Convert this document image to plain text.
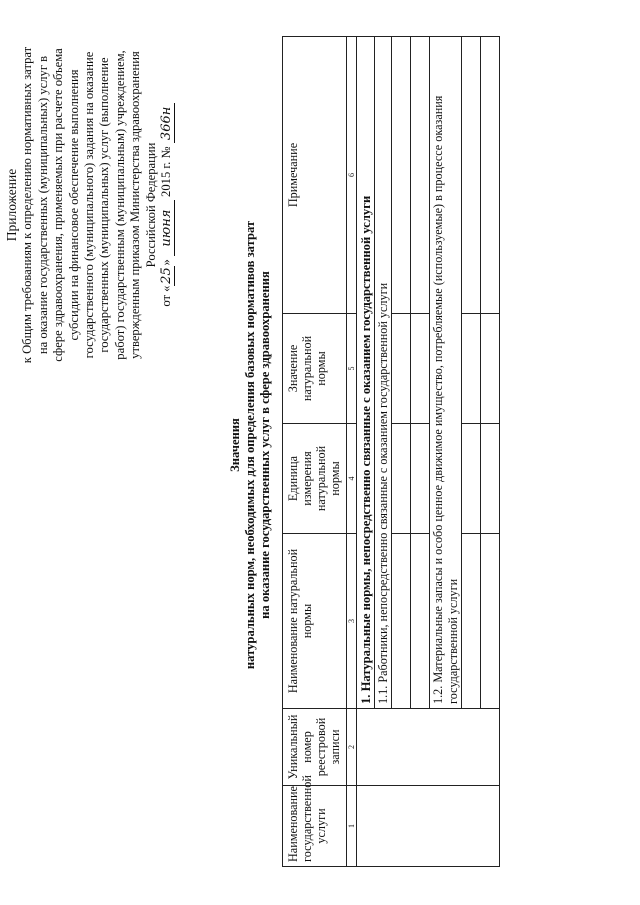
Приложение к Общим требованиям к определению нормативных затрат на оказание государственных (муниципальных) услуг в сфере здравоохранения, применяемых при расчете объема субсидии на финансовое обеспечение выполнения государственного (муниципального) задания на оказание государственных (муниципальных) услуг (выполнение работ) государственным (муниципальным) учреждением, утвержденным приказом Министерства здравоохранения Российской Федерации
от «25» июня 2015 г. № 366н
Значения натуральных норм, необходимых для определения базовых нормативов затрат на оказание государственных услуг в сфере здравоохранения
Наименование государственной услуги	Уникальный номер реестровой записи	Наименование натуральной нормы	Единица измерения натуральной нормы	Значение натуральной нормы	Примечание
1	2	3	4	5	6
		1. Натуральные нормы, непосредственно связанные с оказанием государственной услуги			
		1.1. Работники, непосредственно связанные с оказанием государственной услуги			

		1.2. Материальные запасы и особо ценное движимое имущество, потребляемые (используемые) в процессе оказания государственной услуги			
